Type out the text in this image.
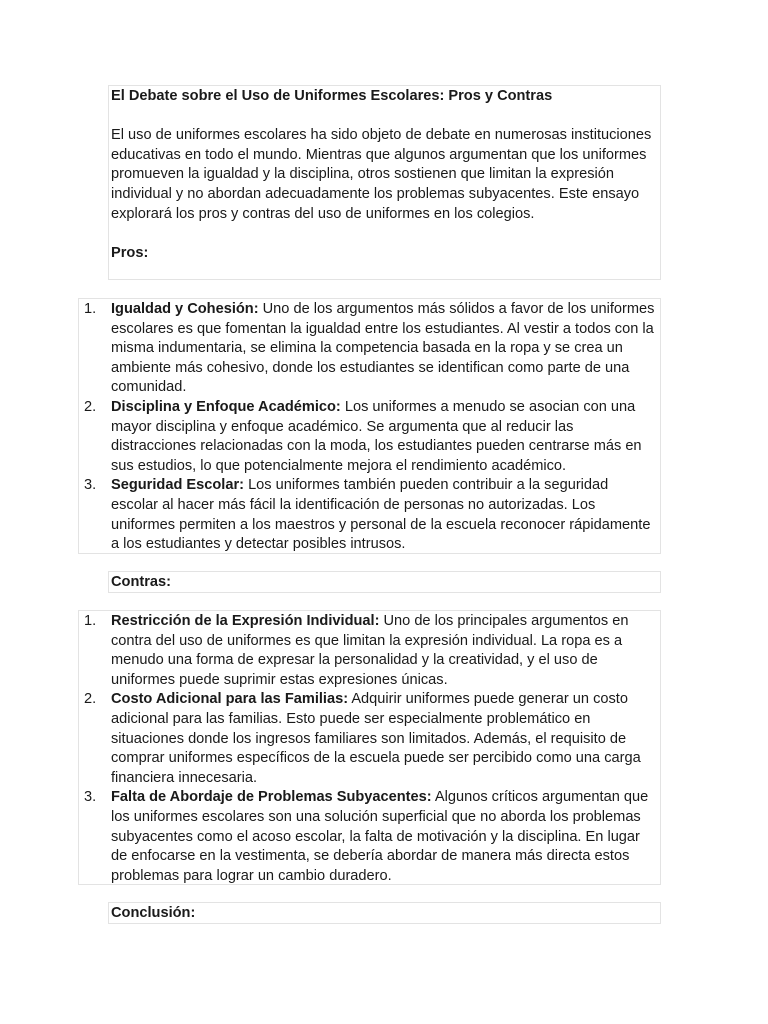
El Debate sobre el Uso de Uniformes Escolares: Pros y Contras

El uso de uniformes escolares ha sido objeto de debate en numerosas instituciones educativas en todo el mundo. Mientras que algunos argumentan que los uniformes promueven la igualdad y la disciplina, otros sostienen que limitan la expresión individual y no abordan adecuadamente los problemas subyacentes. Este ensayo explorará los pros y contras del uso de uniformes en los colegios.

Pros:

1.	Igualdad y Cohesión: Uno de los argumentos más sólidos a favor de los uniformes escolares es que fomentan la igualdad entre los estudiantes. Al vestir a todos con la misma indumentaria, se elimina la competencia basada en la ropa y se crea un ambiente más cohesivo, donde los estudiantes se identifican como parte de una comunidad.
2.	Disciplina y Enfoque Académico: Los uniformes a menudo se asocian con una mayor disciplina y enfoque académico. Se argumenta que al reducir las distracciones relacionadas con la moda, los estudiantes pueden centrarse más en sus estudios, lo que potencialmente mejora el rendimiento académico.
3.	Seguridad Escolar: Los uniformes también pueden contribuir a la seguridad escolar al hacer más fácil la identificación de personas no autorizadas. Los uniformes permiten a los maestros y personal de la escuela reconocer rápidamente a los estudiantes y detectar posibles intrusos.

Contras:

1.	Restricción de la Expresión Individual: Uno de los principales argumentos en contra del uso de uniformes es que limitan la expresión individual. La ropa es a menudo una forma de expresar la personalidad y la creatividad, y el uso de uniformes puede suprimir estas expresiones únicas.
2.	Costo Adicional para las Familias: Adquirir uniformes puede generar un costo adicional para las familias. Esto puede ser especialmente problemático en situaciones donde los ingresos familiares son limitados. Además, el requisito de comprar uniformes específicos de la escuela puede ser percibido como una carga financiera innecesaria.
3.	Falta de Abordaje de Problemas Subyacentes: Algunos críticos argumentan que los uniformes escolares son una solución superficial que no aborda los problemas subyacentes como el acoso escolar, la falta de motivación y la disciplina. En lugar de enfocarse en la vestimenta, se debería abordar de manera más directa estos problemas para lograr un cambio duradero.

Conclusión:
